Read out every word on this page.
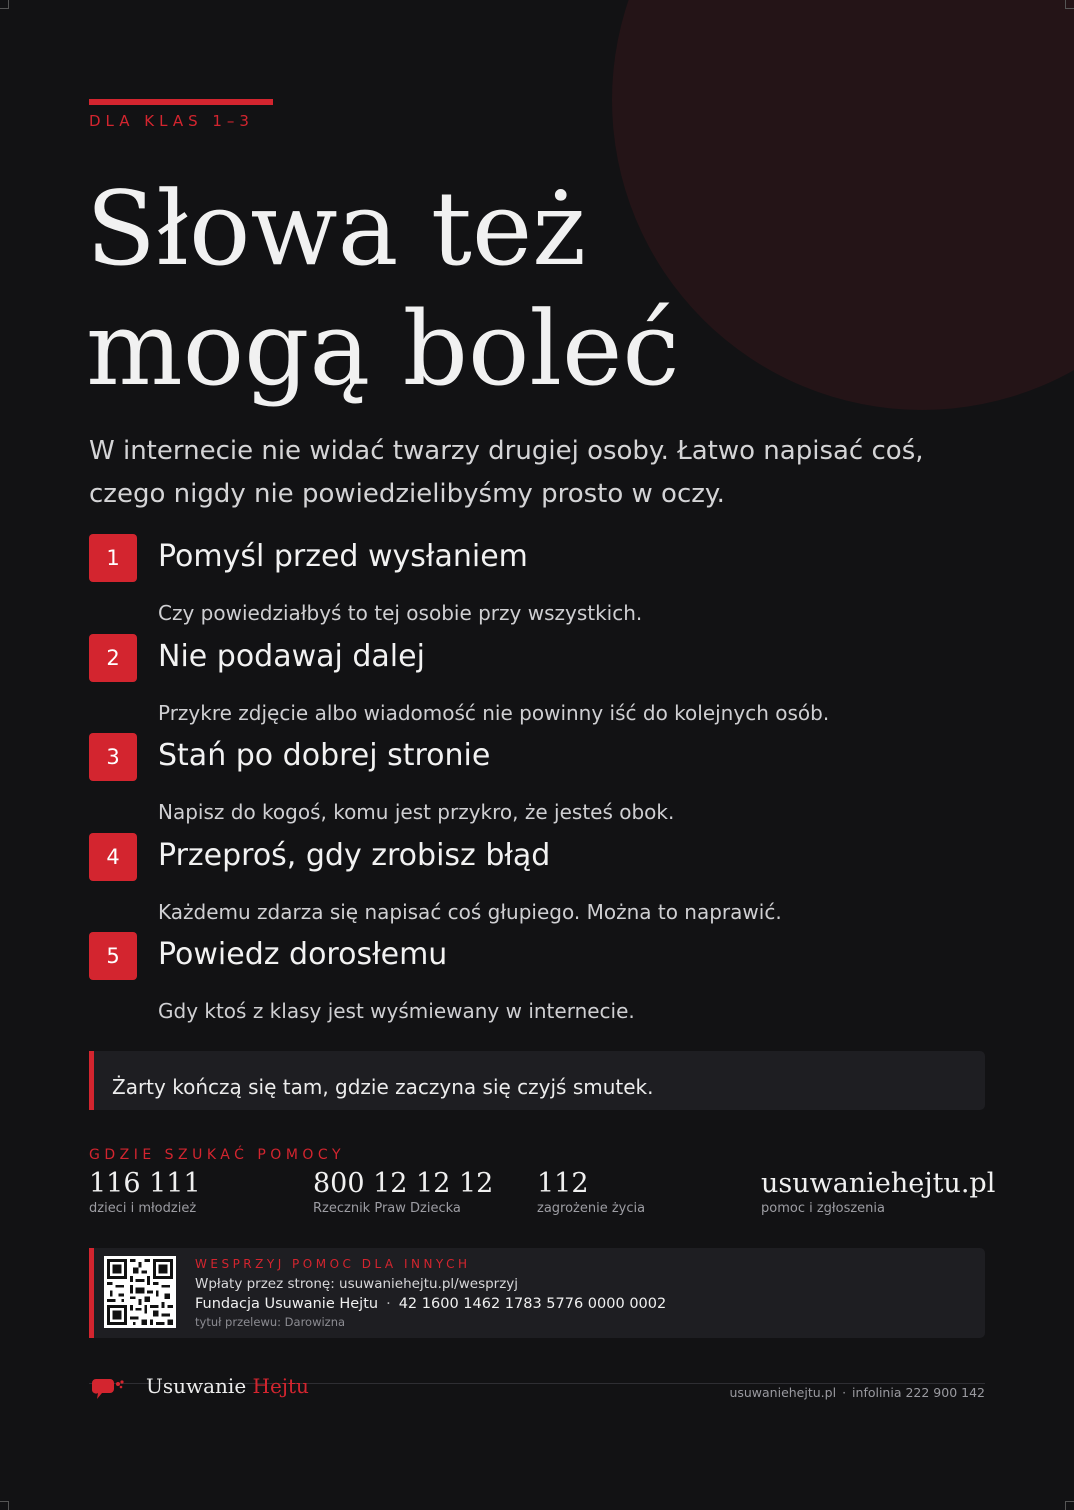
DLA KLAS 1–3
Słowa też
mogą boleć
W internecie nie widać twarzy drugiej osoby. Łatwo napisać coś, czego nigdy nie powiedzielibyśmy prosto w oczy.
1	Pomyśl przed wysłaniem
Czy powiedziałbyś to tej osobie przy wszystkich.
2	Nie podawaj dalej
Przykre zdjęcie albo wiadomość nie powinny iść do kolejnych osób.
3	Stań po dobrej stronie
Napisz do kogoś, komu jest przykro, że jesteś obok.
4	Przeproś, gdy zrobisz błąd
Każdemu zdarza się napisać coś głupiego. Można to naprawić.
5	Powiedz dorosłemu
Gdy ktoś z klasy jest wyśmiewany w internecie.
Żarty kończą się tam, gdzie zaczyna się czyjś smutek.
GDZIE SZUKAĆ POMOCY
116 111
dzieci i młodzież
800 12 12 12
Rzecznik Praw Dziecka
112
zagrożenie życia
usuwaniehejtu.pl
pomoc i zgłoszenia
WESPRZYJ POMOC DLA INNYCH
Wpłaty przez stronę: usuwaniehejtu.pl/wesprzyj
Fundacja Usuwanie Hejtu · 42 1600 1462 1783 5776 0000 0002
tytuł przelewu: Darowizna
Usuwanie Hejtu	usuwaniehejtu.pl · infolinia 222 900 142
